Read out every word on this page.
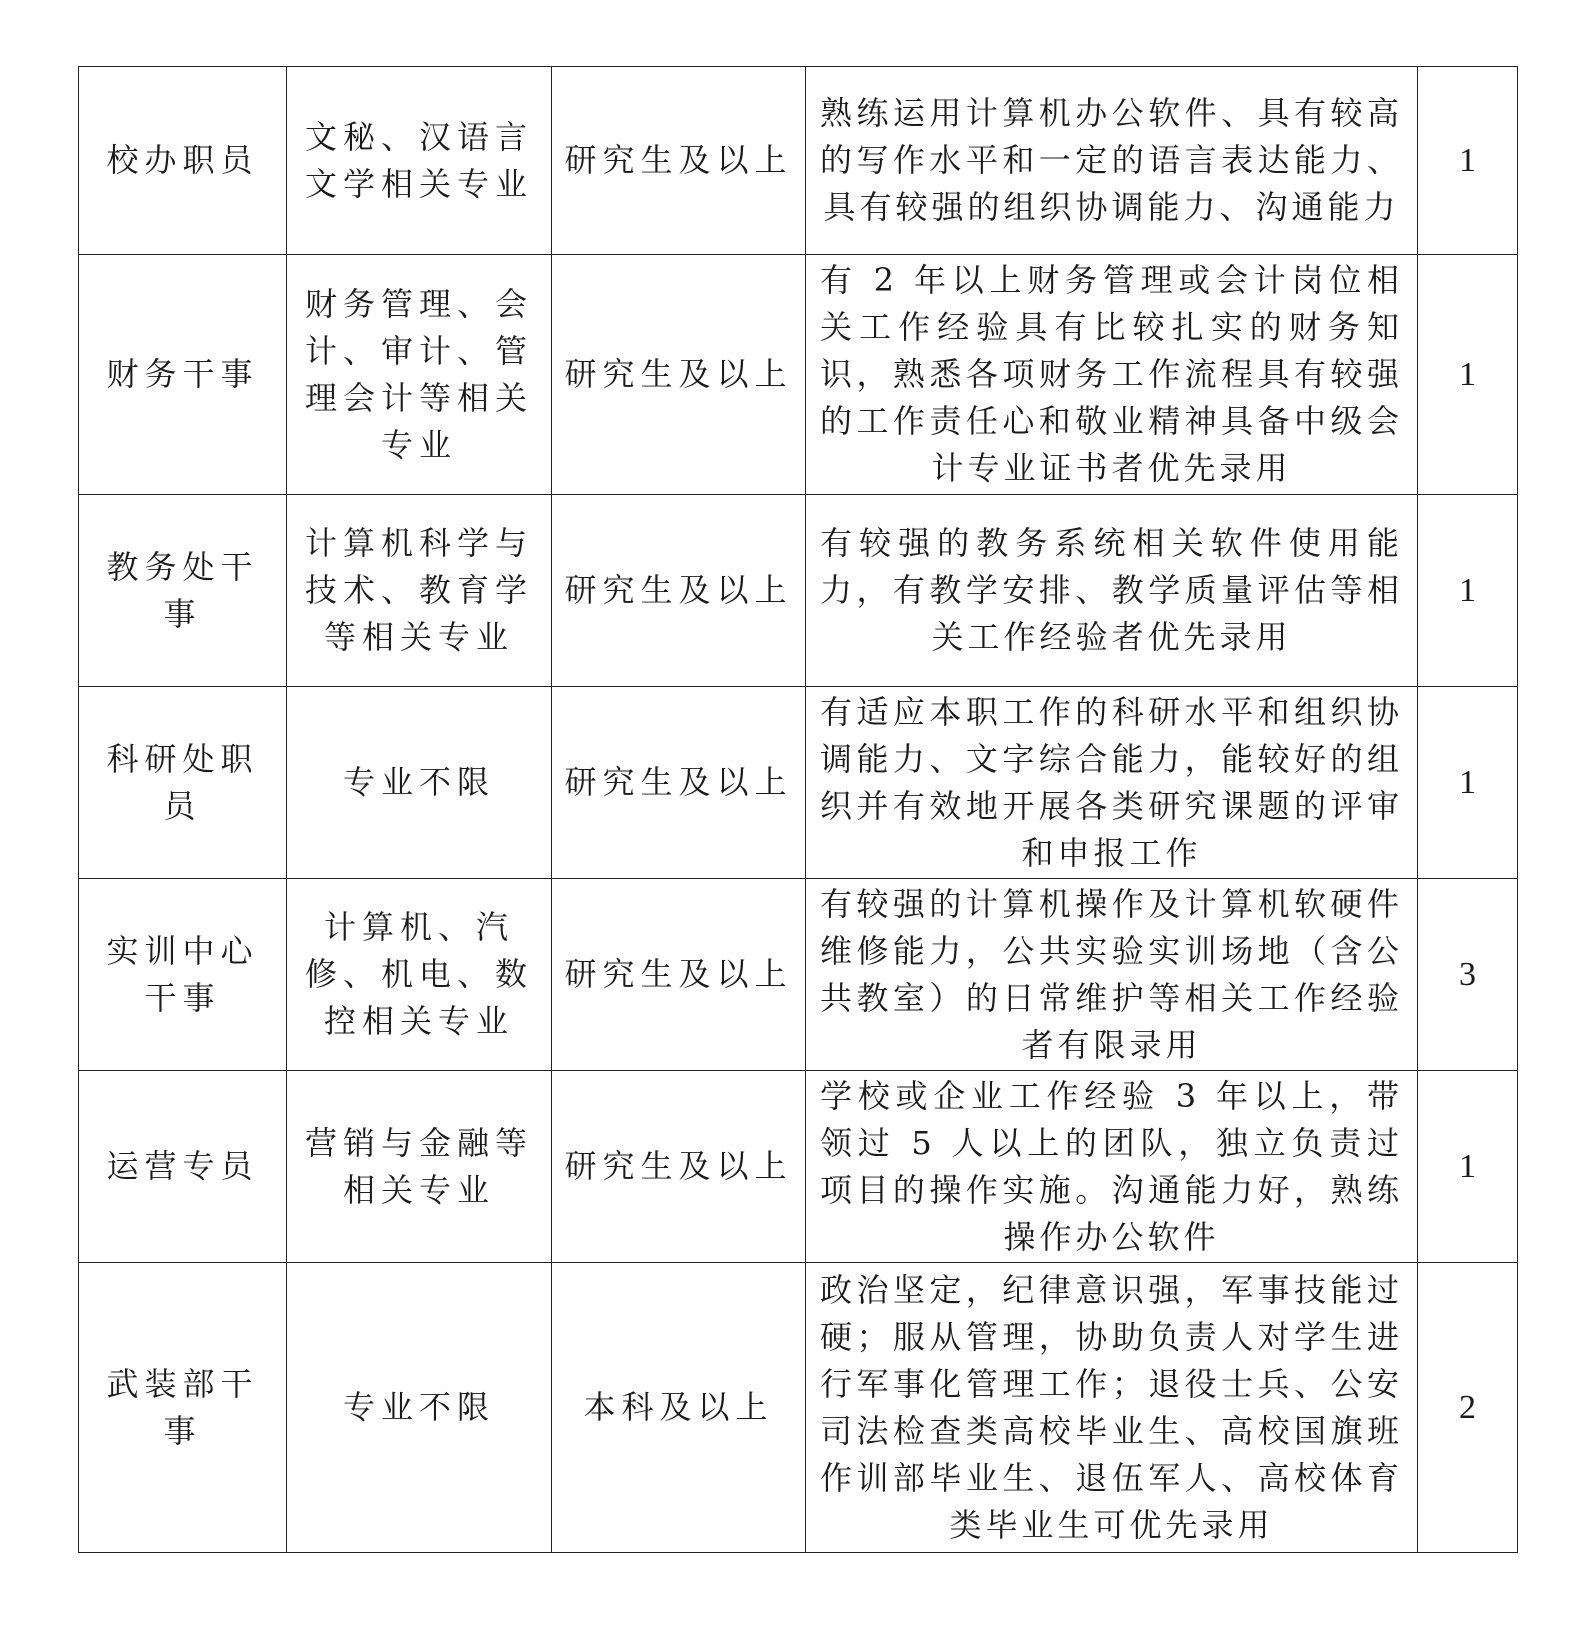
校办职员	文秘、汉语言文学相关专业	研究生及以上	熟练运用计算机办公软件、具有较高的写作水平和一定的语言表达能力、具有较强的组织协调能力、沟通能力	1
财务干事	财务管理、会计、审计、管理会计等相关专业	研究生及以上	有 2 年以上财务管理或会计岗位相关工作经验具有比较扎实的财务知识，熟悉各项财务工作流程具有较强的工作责任心和敬业精神具备中级会计专业证书者优先录用	1
教务处干事	计算机科学与技术、教育学等相关专业	研究生及以上	有较强的教务系统相关软件使用能力，有教学安排、教学质量评估等相关工作经验者优先录用	1
科研处职员	专业不限	研究生及以上	有适应本职工作的科研水平和组织协调能力、文字综合能力，能较好的组织并有效地开展各类研究课题的评审和申报工作	1
实训中心干事	计算机、汽修、机电、数控相关专业	研究生及以上	有较强的计算机操作及计算机软硬件维修能力，公共实验实训场地（含公共教室）的日常维护等相关工作经验者有限录用	3
运营专员	营销与金融等相关专业	研究生及以上	学校或企业工作经验 3 年以上，带领过 5 人以上的团队，独立负责过项目的操作实施。沟通能力好，熟练操作办公软件	1
武装部干事	专业不限	本科及以上	政治坚定，纪律意识强，军事技能过硬；服从管理，协助负责人对学生进行军事化管理工作；退役士兵、公安司法检查类高校毕业生、高校国旗班作训部毕业生、退伍军人、高校体育类毕业生可优先录用	2
